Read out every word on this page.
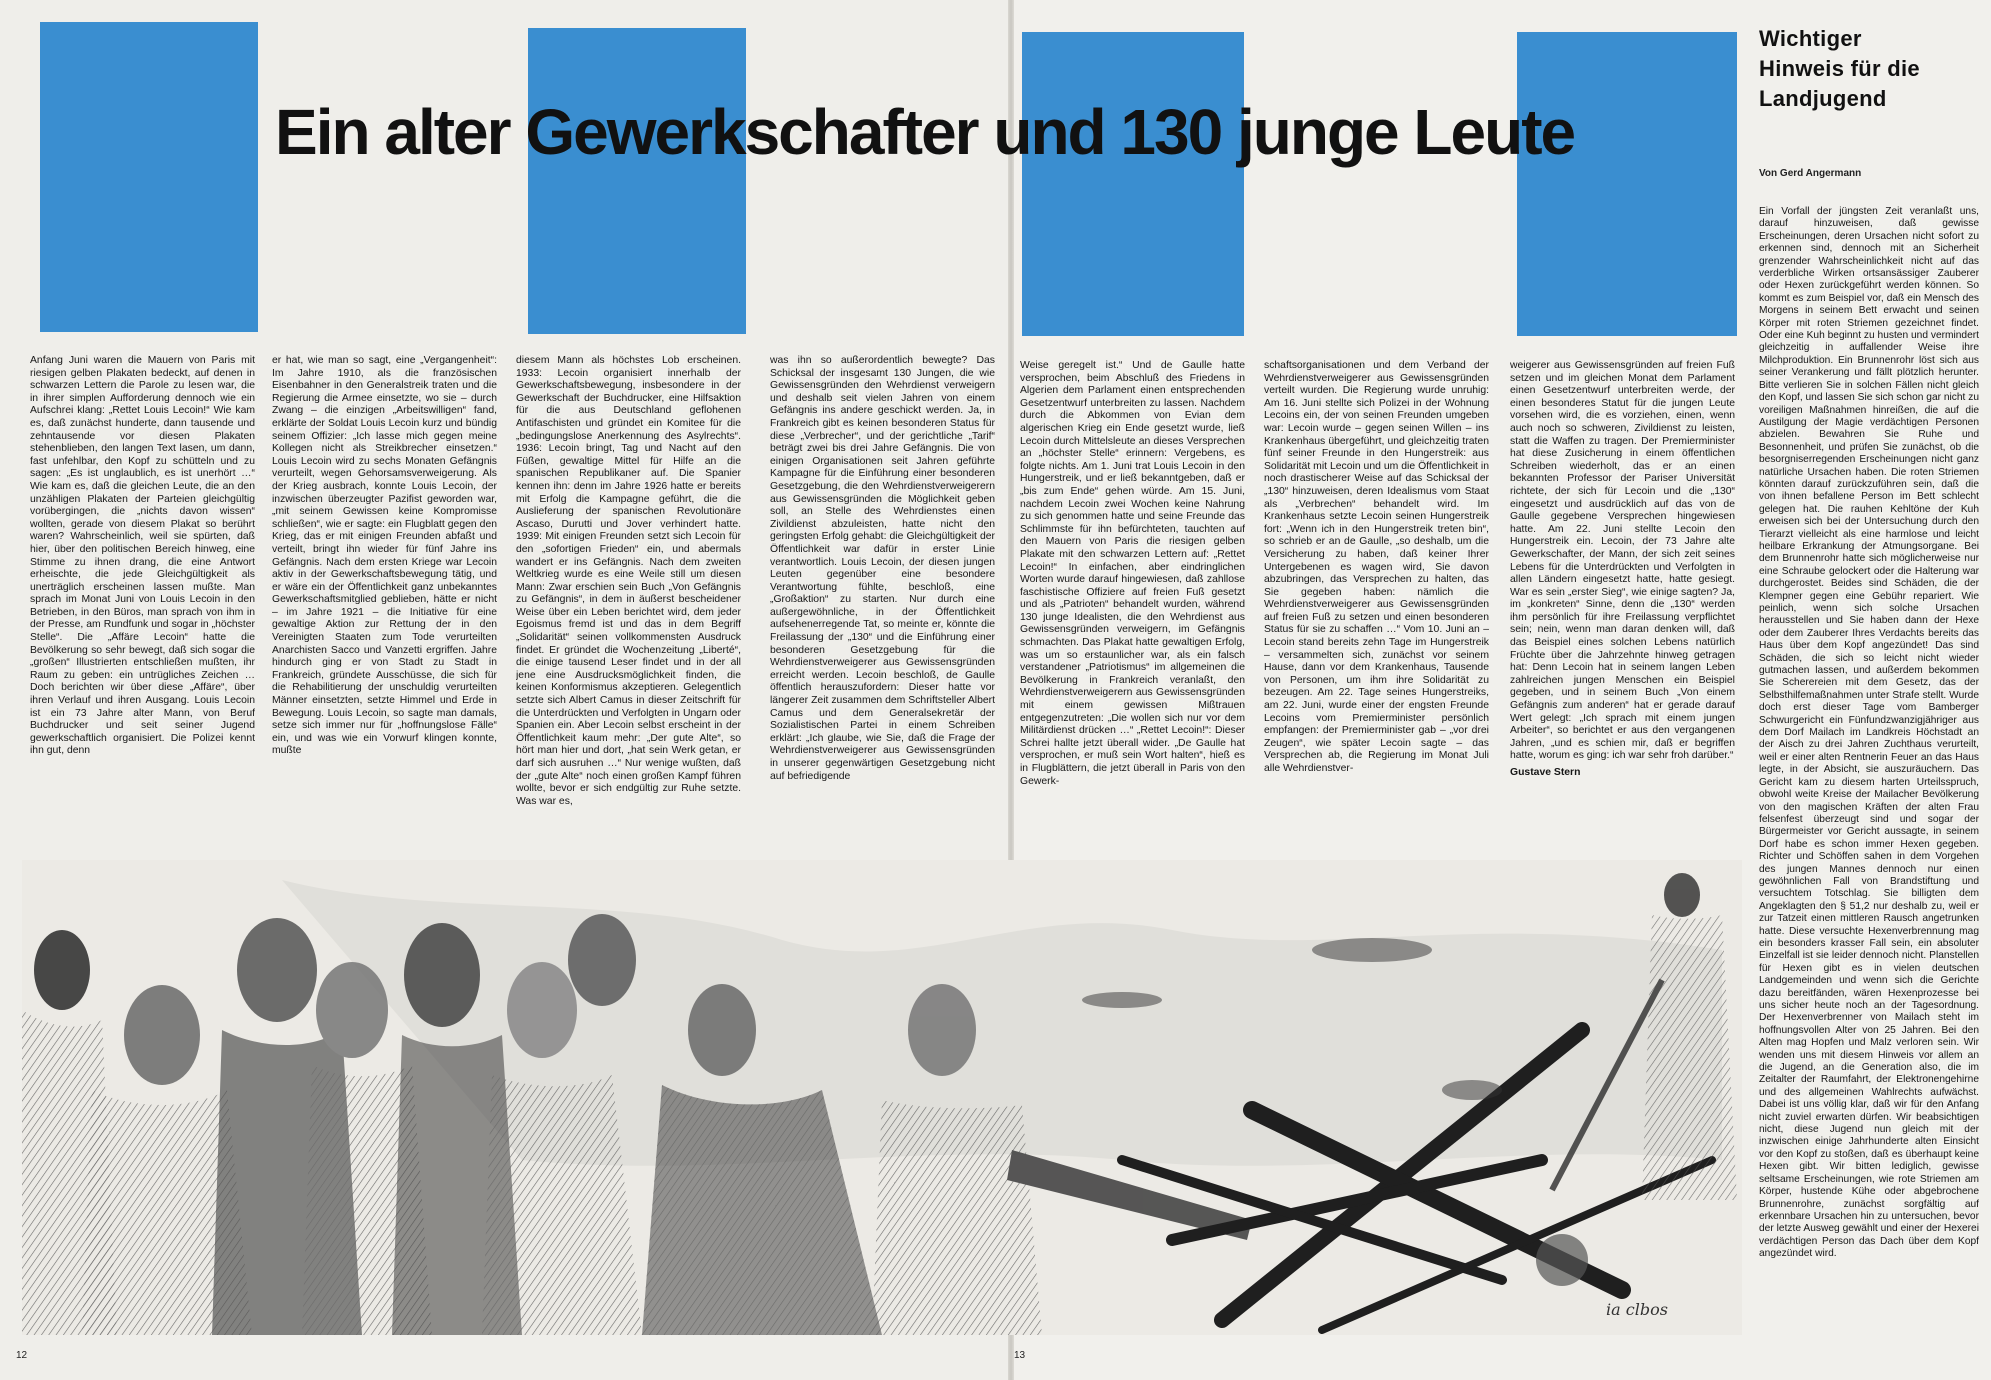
Ein alter Gewerkschafter und 130 junge Leute
Anfang Juni waren die Mauern von Paris mit riesigen gelben Plakaten bedeckt, auf denen in schwarzen Lettern die Parole zu lesen war, die in ihrer simplen Aufforderung dennoch wie ein Aufschrei klang: „Rettet Louis Lecoin!“ Wie kam es, daß zunächst hunderte, dann tausende und zehntausende vor diesen Plakaten stehenblieben, den langen Text lasen, um dann, fast unfehlbar, den Kopf zu schütteln und zu sagen: „Es ist unglaublich, es ist unerhört …“ Wie kam es, daß die gleichen Leute, die an den unzähligen Plakaten der Parteien gleichgültig vorübergingen, die „nichts davon wissen“ wollten, gerade von diesem Plakat so berührt waren? Wahrscheinlich, weil sie spürten, daß hier, über den politischen Bereich hinweg, eine Stimme zu ihnen drang, die eine Antwort erheischte, die jede Gleichgültigkeit als unerträglich erscheinen lassen mußte. Man sprach im Monat Juni von Louis Lecoin in den Betrieben, in den Büros, man sprach von ihm in der Presse, am Rundfunk und sogar in „höchster Stelle“. Die „Affäre Lecoin“ hatte die Bevölkerung so sehr bewegt, daß sich sogar die „großen“ Illustrierten entschließen mußten, ihr Raum zu geben: ein untrügliches Zeichen … Doch berichten wir über diese „Affäre“, über ihren Verlauf und ihren Ausgang. Louis Lecoin ist ein 73 Jahre alter Mann, von Beruf Buchdrucker und seit seiner Jugend gewerkschaftlich organisiert. Die Polizei kennt ihn gut, denn
er hat, wie man so sagt, eine „Vergangenheit“: Im Jahre 1910, als die französischen Eisenbahner in den Generalstreik traten und die Regierung die Armee einsetzte, wo sie – durch Zwang – die einzigen „Arbeitswilligen“ fand, erklärte der Soldat Louis Lecoin kurz und bündig seinem Offizier: „Ich lasse mich gegen meine Kollegen nicht als Streikbrecher einsetzen.“ Louis Lecoin wird zu sechs Monaten Gefängnis verurteilt, wegen Gehorsamsverweigerung. Als der Krieg ausbrach, konnte Louis Lecoin, der inzwischen überzeugter Pazifist geworden war, „mit seinem Gewissen keine Kompromisse schließen“, wie er sagte: ein Flugblatt gegen den Krieg, das er mit einigen Freunden abfaßt und verteilt, bringt ihn wieder für fünf Jahre ins Gefängnis. Nach dem ersten Kriege war Lecoin aktiv in der Gewerkschaftsbewegung tätig, und er wäre ein der Öffentlichkeit ganz unbekanntes Gewerkschaftsmitglied geblieben, hätte er nicht – im Jahre 1921 – die Initiative für eine gewaltige Aktion zur Rettung der in den Vereinigten Staaten zum Tode verurteilten Anarchisten Sacco und Vanzetti ergriffen. Jahre hindurch ging er von Stadt zu Stadt in Frankreich, gründete Ausschüsse, die sich für die Rehabilitierung der unschuldig verurteilten Männer einsetzten, setzte Himmel und Erde in Bewegung. Louis Lecoin, so sagte man damals, setze sich immer nur für „hoffnungslose Fälle“ ein, und was wie ein Vorwurf klingen konnte, mußte
diesem Mann als höchstes Lob erscheinen. 1933: Lecoin organisiert innerhalb der Gewerkschaftsbewegung, insbesondere in der Gewerkschaft der Buchdrucker, eine Hilfsaktion für die aus Deutschland geflohenen Antifaschisten und gründet ein Komitee für die „bedingungslose Anerkennung des Asylrechts“. 1936: Lecoin bringt, Tag und Nacht auf den Füßen, gewaltige Mittel für Hilfe an die spanischen Republikaner auf. Die Spanier kennen ihn: denn im Jahre 1926 hatte er bereits mit Erfolg die Kampagne geführt, die die Auslieferung der spanischen Revolutionäre Ascaso, Durutti und Jover verhindert hatte. 1939: Mit einigen Freunden setzt sich Lecoin für den „sofortigen Frieden“ ein, und abermals wandert er ins Gefängnis. Nach dem zweiten Weltkrieg wurde es eine Weile still um diesen Mann: Zwar erschien sein Buch „Von Gefängnis zu Gefängnis“, in dem in äußerst bescheidener Weise über ein Leben berichtet wird, dem jeder Egoismus fremd ist und das in dem Begriff „Solidarität“ seinen vollkommensten Ausdruck findet. Er gründet die Wochenzeitung „Liberté“, die einige tausend Leser findet und in der all jene eine Ausdrucksmöglichkeit finden, die keinen Konformismus akzeptieren. Gelegentlich setzte sich Albert Camus in dieser Zeitschrift für die Unterdrückten und Verfolgten in Ungarn oder Spanien ein. Aber Lecoin selbst erscheint in der Öffentlichkeit kaum mehr: „Der gute Alte“, so hört man hier und dort, „hat sein Werk getan, er darf sich ausruhen …“ Nur wenige wußten, daß der „gute Alte“ noch einen großen Kampf führen wollte, bevor er sich endgültig zur Ruhe setzte. Was war es,
was ihn so außerordentlich bewegte? Das Schicksal der insgesamt 130 Jungen, die wie Gewissensgründen den Wehrdienst verweigern und deshalb seit vielen Jahren von einem Gefängnis ins andere geschickt werden. Ja, in Frankreich gibt es keinen besonderen Status für diese „Verbrecher“, und der gerichtliche „Tarif“ beträgt zwei bis drei Jahre Gefängnis. Die von einigen Organisationen seit Jahren geführte Kampagne für die Einführung einer besonderen Gesetzgebung, die den Wehrdienstverweigerern aus Gewissensgründen die Möglichkeit geben soll, an Stelle des Wehrdienstes einen Zivildienst abzuleisten, hatte nicht den geringsten Erfolg gehabt: die Gleichgültigkeit der Öffentlichkeit war dafür in erster Linie verantwortlich. Louis Lecoin, der diesen jungen Leuten gegenüber eine besondere Verantwortung fühlte, beschloß, eine „Großaktion“ zu starten. Nur durch eine außergewöhnliche, in der Öffentlichkeit aufsehenerregende Tat, so meinte er, könnte die Freilassung der „130“ und die Einführung einer besonderen Gesetzgebung für die Wehrdienstverweigerer aus Gewissensgründen erreicht werden. Lecoin beschloß, de Gaulle öffentlich herauszufordern: Dieser hatte vor längerer Zeit zusammen dem Schriftsteller Albert Camus und dem Generalsekretär der Sozialistischen Partei in einem Schreiben erklärt: „Ich glaube, wie Sie, daß die Frage der Wehrdienstverweigerer aus Gewissensgründen in unserer gegenwärtigen Gesetzgebung nicht auf befriedigende
Weise geregelt ist.“ Und de Gaulle hatte versprochen, beim Abschluß des Friedens in Algerien dem Parlament einen entsprechenden Gesetzentwurf unterbreiten zu lassen. Nachdem durch die Abkommen von Evian dem algerischen Krieg ein Ende gesetzt wurde, ließ Lecoin durch Mittelsleute an dieses Versprechen an „höchster Stelle“ erinnern: Vergebens, es folgte nichts. Am 1. Juni trat Louis Lecoin in den Hungerstreik, und er ließ bekanntgeben, daß er „bis zum Ende“ gehen würde. Am 15. Juni, nachdem Lecoin zwei Wochen keine Nahrung zu sich genommen hatte und seine Freunde das Schlimmste für ihn befürchteten, tauchten auf den Mauern von Paris die riesigen gelben Plakate mit den schwarzen Lettern auf: „Rettet Lecoin!“ In einfachen, aber eindringlichen Worten wurde darauf hingewiesen, daß zahllose faschistische Offiziere auf freien Fuß gesetzt und als „Patrioten“ behandelt wurden, während 130 junge Idealisten, die den Wehrdienst aus Gewissensgründen verweigern, im Gefängnis schmachten. Das Plakat hatte gewaltigen Erfolg, was um so erstaunlicher war, als ein falsch verstandener „Patriotismus“ im allgemeinen die Bevölkerung in Frankreich veranlaßt, den Wehrdienstverweigerern aus Gewissensgründen mit einem gewissen Mißtrauen entgegenzutreten: „Die wollen sich nur vor dem Militärdienst drücken …“ „Rettet Lecoin!“: Dieser Schrei hallte jetzt überall wider. „De Gaulle hat versprochen, er muß sein Wort halten“, hieß es in Flugblättern, die jetzt überall in Paris von den Gewerk-
schaftsorganisationen und dem Verband der Wehrdienstverweigerer aus Gewissensgründen verteilt wurden. Die Regierung wurde unruhig: Am 16. Juni stellte sich Polizei in der Wohnung Lecoins ein, der von seinen Freunden umgeben war: Lecoin wurde – gegen seinen Willen – ins Krankenhaus übergeführt, und gleichzeitig traten fünf seiner Freunde in den Hungerstreik: aus Solidarität mit Lecoin und um die Öffentlichkeit in noch drastischerer Weise auf das Schicksal der „130“ hinzuweisen, deren Idealismus vom Staat als „Verbrechen“ behandelt wird. Im Krankenhaus setzte Lecoin seinen Hungerstreik fort: „Wenn ich in den Hungerstreik treten bin“, so schrieb er an de Gaulle, „so deshalb, um die Versicherung zu haben, daß keiner Ihrer Untergebenen es wagen wird, Sie davon abzubringen, das Versprechen zu halten, das Sie gegeben haben: nämlich die Wehrdienstverweigerer aus Gewissensgründen auf freien Fuß zu setzen und einen besonderen Status für sie zu schaffen …“ Vom 10. Juni an – Lecoin stand bereits zehn Tage im Hungerstreik – versammelten sich, zunächst vor seinem Hause, dann vor dem Krankenhaus, Tausende von Personen, um ihm ihre Solidarität zu bezeugen. Am 22. Tage seines Hungerstreiks, am 22. Juni, wurde einer der engsten Freunde Lecoins vom Premierminister persönlich empfangen: der Premierminister gab – „vor drei Zeugen“, wie später Lecoin sagte – das Versprechen ab, die Regierung im Monat Juli alle Wehrdienstver-
weigerer aus Gewissensgründen auf freien Fuß setzen und im gleichen Monat dem Parlament einen Gesetzentwurf unterbreiten werde, der einen besonderes Statut für die jungen Leute vorsehen wird, die es vorziehen, einen, wenn auch noch so schweren, Zivildienst zu leisten, statt die Waffen zu tragen. Der Premierminister hat diese Zusicherung in einem öffentlichen Schreiben wiederholt, das er an einen bekannten Professor der Pariser Universität richtete, der sich für Lecoin und die „130“ eingesetzt und ausdrücklich auf das von de Gaulle gegebene Versprechen hingewiesen hatte. Am 22. Juni stellte Lecoin den Hungerstreik ein. Lecoin, der 73 Jahre alte Gewerkschafter, der Mann, der sich zeit seines Lebens für die Unterdrückten und Verfolgten in allen Ländern eingesetzt hatte, hatte gesiegt. War es sein „erster Sieg“, wie einige sagten? Ja, im „konkreten“ Sinne, denn die „130“ werden ihm persönlich für ihre Freilassung verpflichtet sein; nein, wenn man daran denken will, daß das Beispiel eines solchen Lebens natürlich Früchte über die Jahrzehnte hinweg getragen hat: Denn Lecoin hat in seinem langen Leben zahlreichen jungen Menschen ein Beispiel gegeben, und in seinem Buch „Von einem Gefängnis zum anderen“ hat er gerade darauf Wert gelegt: „Ich sprach mit einem jungen Arbeiter“, so berichtet er aus den vergangenen Jahren, „und es schien mir, daß er begriffen hatte, worum es ging: ich war sehr froh darüber.“
Gustave Stern
Wichtiger
Hinweis für die
Landjugend
Von Gerd Angermann
Ein Vorfall der jüngsten Zeit veranlaßt uns, darauf hinzuweisen, daß gewisse Erscheinungen, deren Ursachen nicht sofort zu erkennen sind, dennoch mit an Sicherheit grenzender Wahrscheinlichkeit nicht auf das verderbliche Wirken ortsansässiger Zauberer oder Hexen zurückgeführt werden können. So kommt es zum Beispiel vor, daß ein Mensch des Morgens in seinem Bett erwacht und seinen Körper mit roten Striemen gezeichnet findet. Oder eine Kuh beginnt zu husten und vermindert gleichzeitig in auffallender Weise ihre Milchproduktion. Ein Brunnenrohr löst sich aus seiner Verankerung und fällt plötzlich herunter. Bitte verlieren Sie in solchen Fällen nicht gleich den Kopf, und lassen Sie sich schon gar nicht zu voreiligen Maßnahmen hinreißen, die auf die Austilgung der Magie verdächtigen Personen abzielen. Bewahren Sie Ruhe und Besonnenheit, und prüfen Sie zunächst, ob die besorgniserregenden Erscheinungen nicht ganz natürliche Ursachen haben. Die roten Striemen könnten darauf zurückzuführen sein, daß die von ihnen befallene Person im Bett schlecht gelegen hat. Die rauhen Kehltöne der Kuh erweisen sich bei der Untersuchung durch den Tierarzt vielleicht als eine harmlose und leicht heilbare Erkrankung der Atmungsorgane. Bei dem Brunnenrohr hatte sich möglicherweise nur eine Schraube gelockert oder die Halterung war durchgerostet. Beides sind Schäden, die der Klempner gegen eine Gebühr repariert. Wie peinlich, wenn sich solche Ursachen herausstellen und Sie haben dann der Hexe oder dem Zauberer Ihres Verdachts bereits das Haus über dem Kopf angezündet! Das sind Schäden, die sich so leicht nicht wieder gutmachen lassen, und außerdem bekommen Sie Scherereien mit dem Gesetz, das der Selbsthilfemaßnahmen unter Strafe stellt. Wurde doch erst dieser Tage vom Bamberger Schwurgericht ein Fünfundzwanzigjähriger aus dem Dorf Mailach im Landkreis Höchstadt an der Aisch zu drei Jahren Zuchthaus verurteilt, weil er einer alten Rentnerin Feuer an das Haus legte, in der Absicht, sie auszuräuchern. Das Gericht kam zu diesem harten Urteilsspruch, obwohl weite Kreise der Mailacher Bevölkerung von den magischen Kräften der alten Frau felsenfest überzeugt sind und sogar der Bürgermeister vor Gericht aussagte, in seinem Dorf habe es schon immer Hexen gegeben. Richter und Schöffen sahen in dem Vorgehen des jungen Mannes dennoch nur einen gewöhnlichen Fall von Brandstiftung und versuchtem Totschlag. Sie billigten dem Angeklagten den § 51,2 nur deshalb zu, weil er zur Tatzeit einen mittleren Rausch angetrunken hatte. Diese versuchte Hexenverbrennung mag ein besonders krasser Fall sein, ein absoluter Einzelfall ist sie leider dennoch nicht. Planstellen für Hexen gibt es in vielen deutschen Landgemeinden und wenn sich die Gerichte dazu bereitfänden, wären Hexenprozesse bei uns sicher heute noch an der Tagesordnung. Der Hexenverbrenner von Mailach steht im hoffnungsvollen Alter von 25 Jahren. Bei den Alten mag Hopfen und Malz verloren sein. Wir wenden uns mit diesem Hinweis vor allem an die Jugend, an die Generation also, die im Zeitalter der Raumfahrt, der Elektronengehirne und des allgemeinen Wahlrechts aufwächst. Dabei ist uns völlig klar, daß wir für den Anfang nicht zuviel erwarten dürfen. Wir beabsichtigen nicht, diese Jugend nun gleich mit der inzwischen einige Jahrhunderte alten Einsicht vor den Kopf zu stoßen, daß es überhaupt keine Hexen gibt. Wir bitten lediglich, gewisse seltsame Erscheinungen, wie rote Striemen am Körper, hustende Kühe oder abgebrochene Brunnenrohre, zunächst sorgfältig auf erkennbare Ursachen hin zu untersuchen, bevor der letzte Ausweg gewählt und einer der Hexerei verdächtigen Person das Dach über dem Kopf angezündet wird.
ia clbos
12	13
